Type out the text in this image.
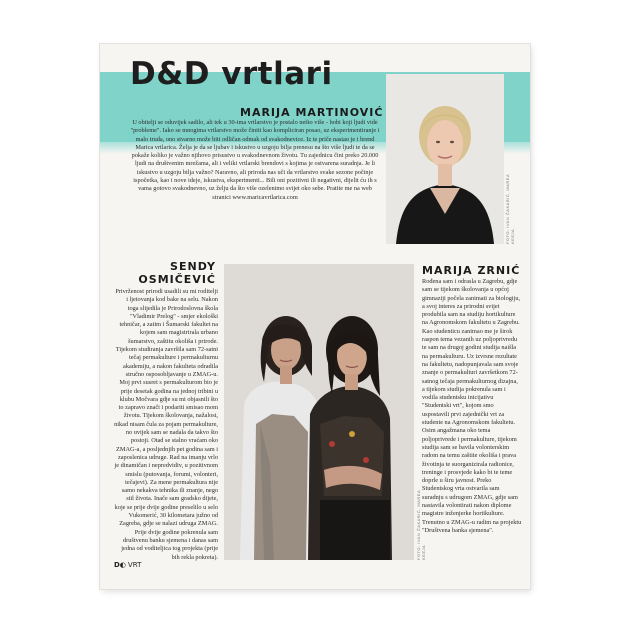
D&D vrtlari
FOTO: IVAN ČAKARIĆ, MAREA KEEJA
MARIJA MARTINOVIĆ
U obitelji se oduvijek sadilo, ali tek u 30-ima vrtlarstvo je postalo nešto više - hobi koji ljudi vide "probleme". Iako se mnogima vrtlarstvo može činiti kao kompliciran posao, uz eksperimentiranje i malo truda, ono stvarno može biti odličan odmak od svakodnevice. Iz te priče nastao je i brend Marica vrtlarica. Želja je da se ljubav i iskustvo u uzgoju bilja prenesu na što više ljudi te da se pokaže koliko je važno njihovo prisustvo u svakodnevnom životu. Tu zajednicu čini preko 20.000 ljudi na društvenim mrežama, ali i veliki vrtlarski brendovi s kojima je ostvarena suradnja. Je li iskustvo u uzgoju bilja važno? Naravno, ali priroda nas uči da vrtlarstvo svake sezone počinje ispočetka, kao i nove ideje, iskustva, eksperimenti... Bili oni pozitivni ili negativni, dijelit ću ih s vama gotovo svakodnevno, uz želju da što više ozelenimo svijet oko sebe. Pratite me na web stranici www.maricavrtlarica.com
SENDY
OSMIČEVIĆ
Privrženost prirodi usadili su mi roditelji i ljetovanja kod bake na selu. Nakon toga slijedila je Prirodoslovna škola "Vladimir Prelog" - smjer ekološki tehničar, a zatim i Šumarski fakultet na kojem sam magistrirala urbano šumarstvo, zaštitu okoliša i prirode. Tijekom studiranja završila sam 72-satni tečaj permakulture i permakulturnu akademiju, a nakon fakulteta odradila stručno osposobljavanje u ZMAG-u. Moj prvi susret s permakulturom bio je prije desetak godina na jednoj tribini u klubu Močvara gdje su mi objasnili što to zapravo znači i podariti smisao mom životu. Tijekom školovanja, nažalost, nikad nisam čula za pojam permakulture, no uvijek sam se nadala da takvo što postoji. Otad se stalno vraćam oko ZMAG-a, a posljednjih pet godina sam i zaposlenica udruge. Rad na imanju vrlo je dinamičan i nepredvidiv, u pozitivnom smislu (putovanja, forumi, volonteri, tečajevi). Za mene permakultura nije samo nekakva tehnika ili znanje, nego stil života. Inače sam gradsko dijete, koje se prije dvije godine preselilo u selo Vukomerić, 30 kilometara južno od Zagreba, gdje se nalazi udruga ZMAG. Prije dvije godine pokrenula sam društvenu banku sjemena i danas sam jedna od voditeljica tog projekta (prije bih rekla pokreta).	FOTO: IVAN ČAKARIĆ, MAREA KEEJA
MARIJA ZRNIĆ
Rođena sam i odrasla u Zagrebu, gdje sam se tijekom školovanja u općoj gimnaziji počela zanimati za biologiju, a svoj interes za prirodni svijet produbila sam na studiju hortikulture na Agronomskom fakultetu u Zagrebu. Kao studenticu zanimao me je širok raspon tema vezanih uz poljoprivredu te sam na drugoj godini studija naišla na permakulturu. Uz izvrsne rezultate na fakultetu, nadopunjavala sam svoje znanje o permakulturi završetkom 72-satnog tečaja permakulturnog dizajna, a tijekom studija pokrenula sam i vodila studentsku inicijativu "Studentski vrt", kojom smo uspostavili prvi zajednički vrt za studente na Agronomskom fakultetu. Osim angažmana oko tema poljoprivrede i permakulture, tijekom studija sam se bavila volonterskim radom na temu zaštite okoliša i prava životinja te suorganizirala radionice, treninge i prosvjede kako bi te teme doprle u širu javnost. Preko Studentskog vrta ostvarila sam suradnju s udrugom ZMAG, gdje sam nastavila volontirati nakon diplome magistre inženjerke hortikulture. Trenutno u ZMAG-u radim na projektu "Društvena banka sjemena".
D◐ VRT
